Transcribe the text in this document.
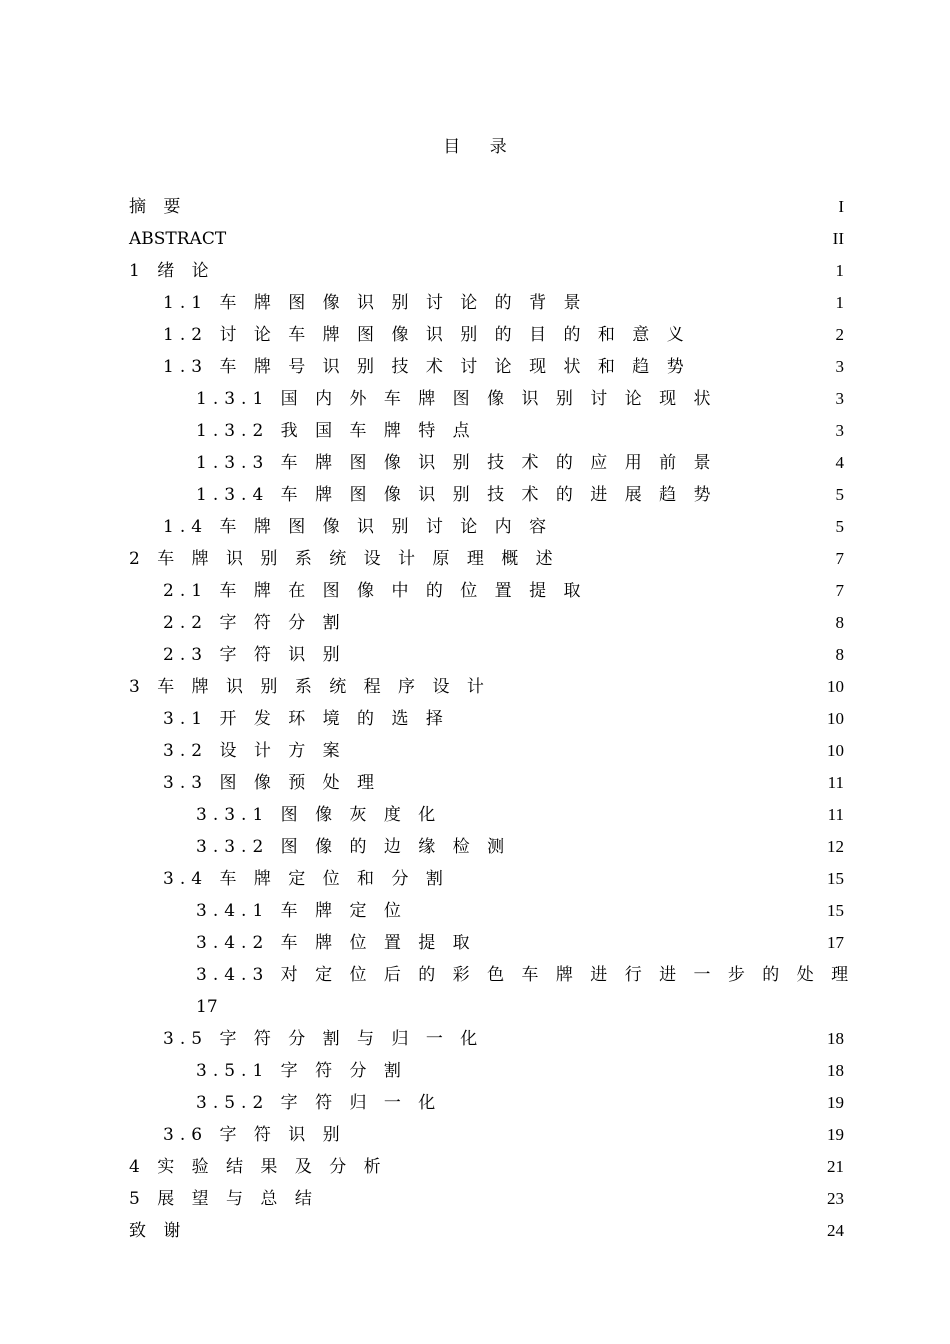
目 录
摘 要	I
ABSTRACT	II
1 绪 论	1
1.1 车 牌 图 像 识 别 讨 论 的 背 景	1
1.2 讨 论 车 牌 图 像 识 别 的 目 的 和 意 义	2
1.3 车 牌 号 识 别 技 术 讨 论 现 状 和 趋 势	3
1.3.1 国 内 外 车 牌 图 像 识 别 讨 论 现 状	3
1.3.2 我 国 车 牌 特 点	3
1.3.3 车 牌 图 像 识 别 技 术 的 应 用 前 景	4
1.3.4 车 牌 图 像 识 别 技 术 的 进 展 趋 势	5
1.4 车 牌 图 像 识 别 讨 论 内 容	5
2 车 牌 识 别 系 统 设 计 原 理 概 述	7
2.1 车 牌 在 图 像 中 的 位 置 提 取	7
2.2 字 符 分 割	8
2.3 字 符 识 别	8
3 车 牌 识 别 系 统 程 序 设 计	10
3.1 开 发 环 境 的 选 择	10
3.2 设 计 方 案	10
3.3 图 像 预 处 理	11
3.3.1 图 像 灰 度 化	11
3.3.2 图 像 的 边 缘 检 测	12
3.4 车 牌 定 位 和 分 割	15
3.4.1 车 牌 定 位	15
3.4.2 车 牌 位 置 提 取	17
3.4.3 对 定 位 后 的 彩 色 车 牌 进 行 进 一 步 的 处 理
17
3.5 字 符 分 割 与 归 一 化	18
3.5.1 字 符 分 割	18
3.5.2 字 符 归 一 化	19
3.6 字 符 识 别	19
4 实 验 结 果 及 分 析	21
5 展 望 与 总 结	23
致 谢	24
